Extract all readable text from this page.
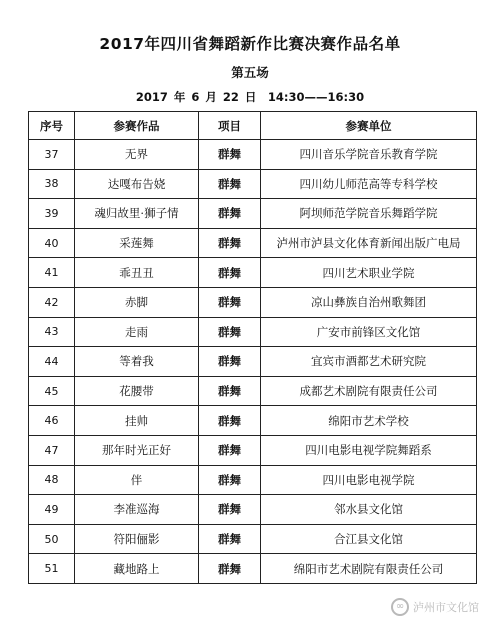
2017年四川省舞蹈新作比赛决赛作品名单
第五场
2017 年 6 月 22 日　14:30——16:30
序号	参赛作品	项目	参赛单位
37	无界	群舞	四川音乐学院音乐教育学院
38	达嘎布告娆	群舞	四川幼儿师范高等专科学校
39	魂归故里·狮子情	群舞	阿坝师范学院音乐舞蹈学院
40	采莲舞	群舞	泸州市泸县文化体育新闻出版广电局
41	乖丑丑	群舞	四川艺术职业学院
42	赤脚	群舞	凉山彝族自治州歌舞团
43	走雨	群舞	广安市前锋区文化馆
44	等着我	群舞	宜宾市酒都艺术研究院
45	花腰带	群舞	成都艺术剧院有限责任公司
46	挂帅	群舞	绵阳市艺术学校
47	那年时光正好	群舞	四川电影电视学院舞蹈系
48	伴	群舞	四川电影电视学院
49	李准巡海	群舞	邻水县文化馆
50	符阳俪影	群舞	合江县文化馆
51	藏地路上	群舞	绵阳市艺术剧院有限责任公司
∞ 泸州市文化馆
